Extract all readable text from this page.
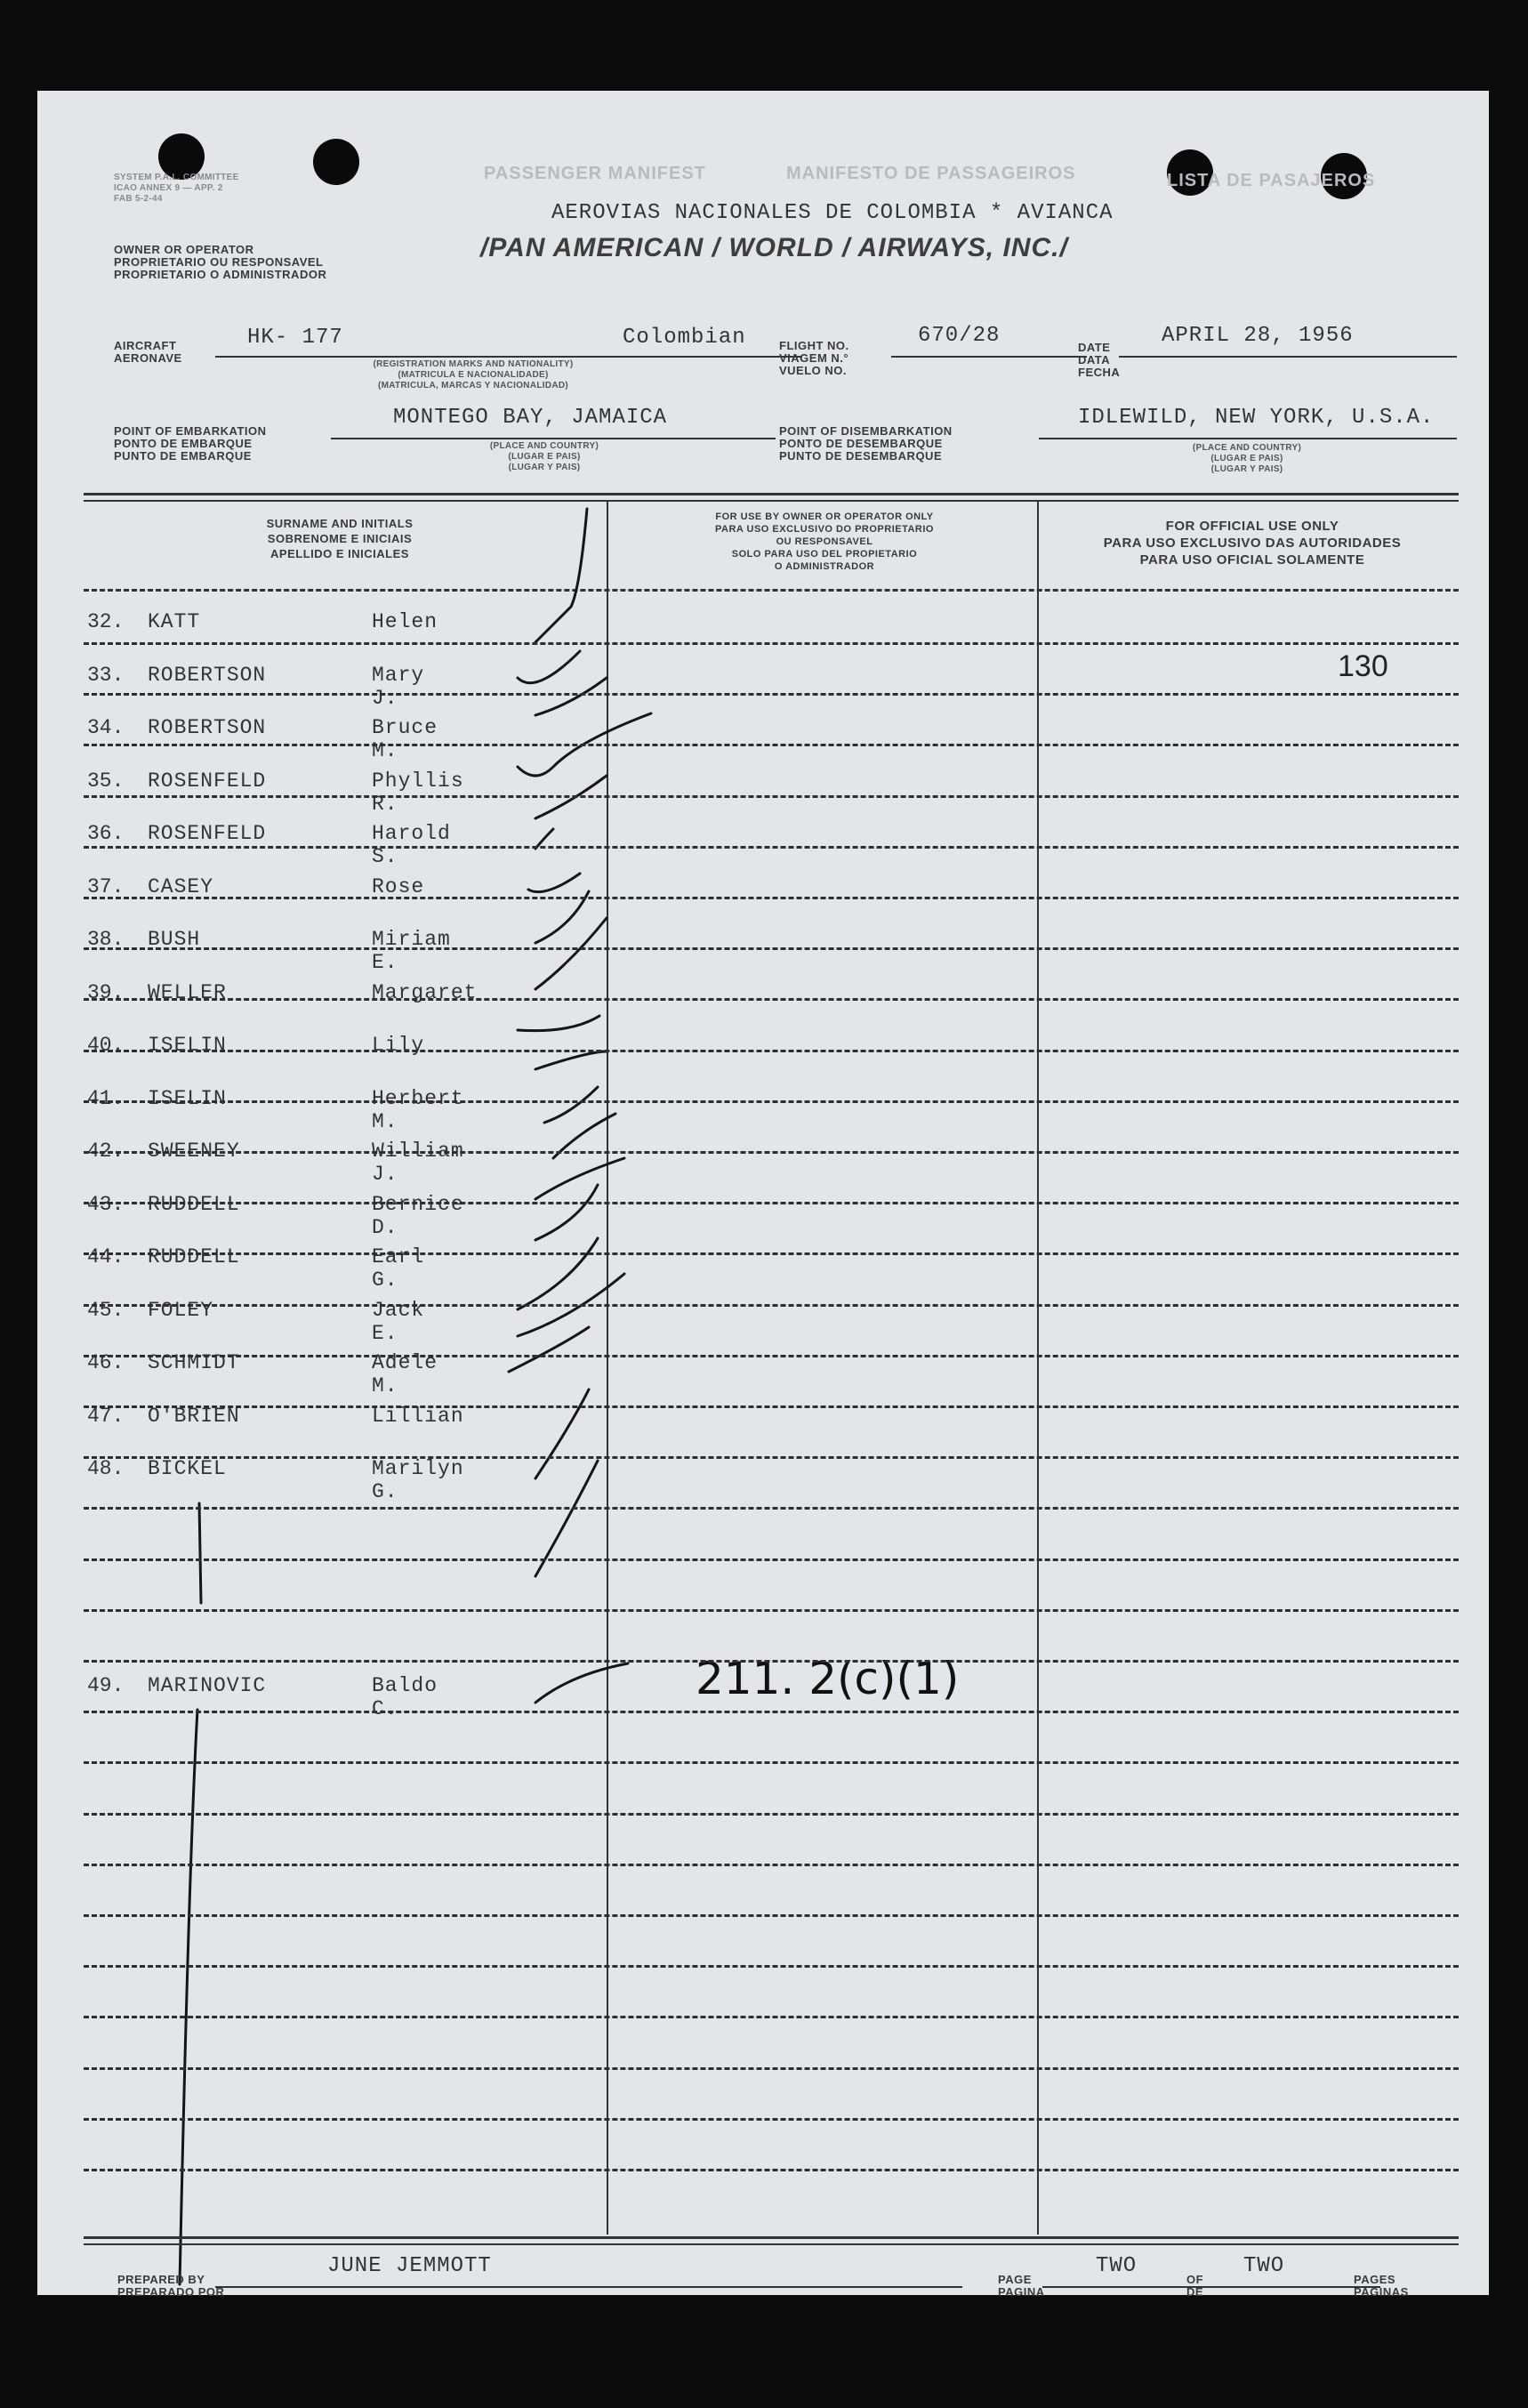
SYSTEM P.A.L. COMMITTEE
ICAO ANNEX 9 — APP. 2
FAB 5-2-44
PASSENGER MANIFEST	MANIFESTO DE PASSAGEIROS	LISTA DE PASAJEROS
AEROVIAS NACIONALES DE COLOMBIA * AVIANCA
/PAN AMERICAN / WORLD / AIRWAYS, INC./
OWNER OR OPERATOR
PROPRIETARIO OU RESPONSAVEL
PROPRIETARIO O ADMINISTRADOR
AIRCRAFT
AERONAVE
HK- 177	Colombian
(REGISTRATION MARKS AND NATIONALITY)
(MATRICULA E NACIONALIDADE)
(MATRICULA, MARCAS Y NACIONALIDAD)
FLIGHT NO.
VIAGEM N.°
VUELO NO.
670/28	DATE
DATA
FECHA
APRIL 28, 1956
POINT OF EMBARKATION
PONTO DE EMBARQUE
PUNTO DE EMBARQUE
MONTEGO BAY, JAMAICA
(PLACE AND COUNTRY)
(LUGAR E PAIS)
(LUGAR Y PAIS)
POINT OF DISEMBARKATION
PONTO DE DESEMBARQUE
PUNTO DE DESEMBARQUE
IDLEWILD, NEW YORK, U.S.A.
(PLACE AND COUNTRY)
(LUGAR E PAIS)
(LUGAR Y PAIS)
SURNAME AND INITIALS
SOBRENOME E INICIAIS
APELLIDO E INICIALES
FOR USE BY OWNER OR OPERATOR ONLY
PARA USO EXCLUSIVO DO PROPRIETARIO
OU RESPONSAVEL
SOLO PARA USO DEL PROPIETARIO
O ADMINISTRADOR
FOR OFFICIAL USE ONLY
PARA USO EXCLUSIVO DAS AUTORIDADES
PARA USO OFICIAL SOLAMENTE
130
32. KATT	Helen
33. ROBERTSON	Mary J.
34. ROBERTSON	Bruce M.
35. ROSENFELD	Phyllis R.
36. ROSENFELD	Harold S.
37. CASEY	Rose
38. BUSH	Miriam E.
39. WELLER	Margaret
40. ISELIN	Lily
41. ISELIN	Herbert M.
42. SWEENEY	William J.
43. RUDDELL	Bernice D.
44. RUDDELL	Earl G.
45. FOLEY	Jack E.
46. SCHMIDT	Adele M.
47. O'BRIEN	Lillian
48. BICKEL	Marilyn G.
49. MARINOVIC	Baldo C.
211. 2(c)(1)
PREPARED BY
PREPARADO POR
JUNE JEMMOTT
PAGE
PAGINA
TWO
OF
DE
TWO
PAGES
PAGINAS
